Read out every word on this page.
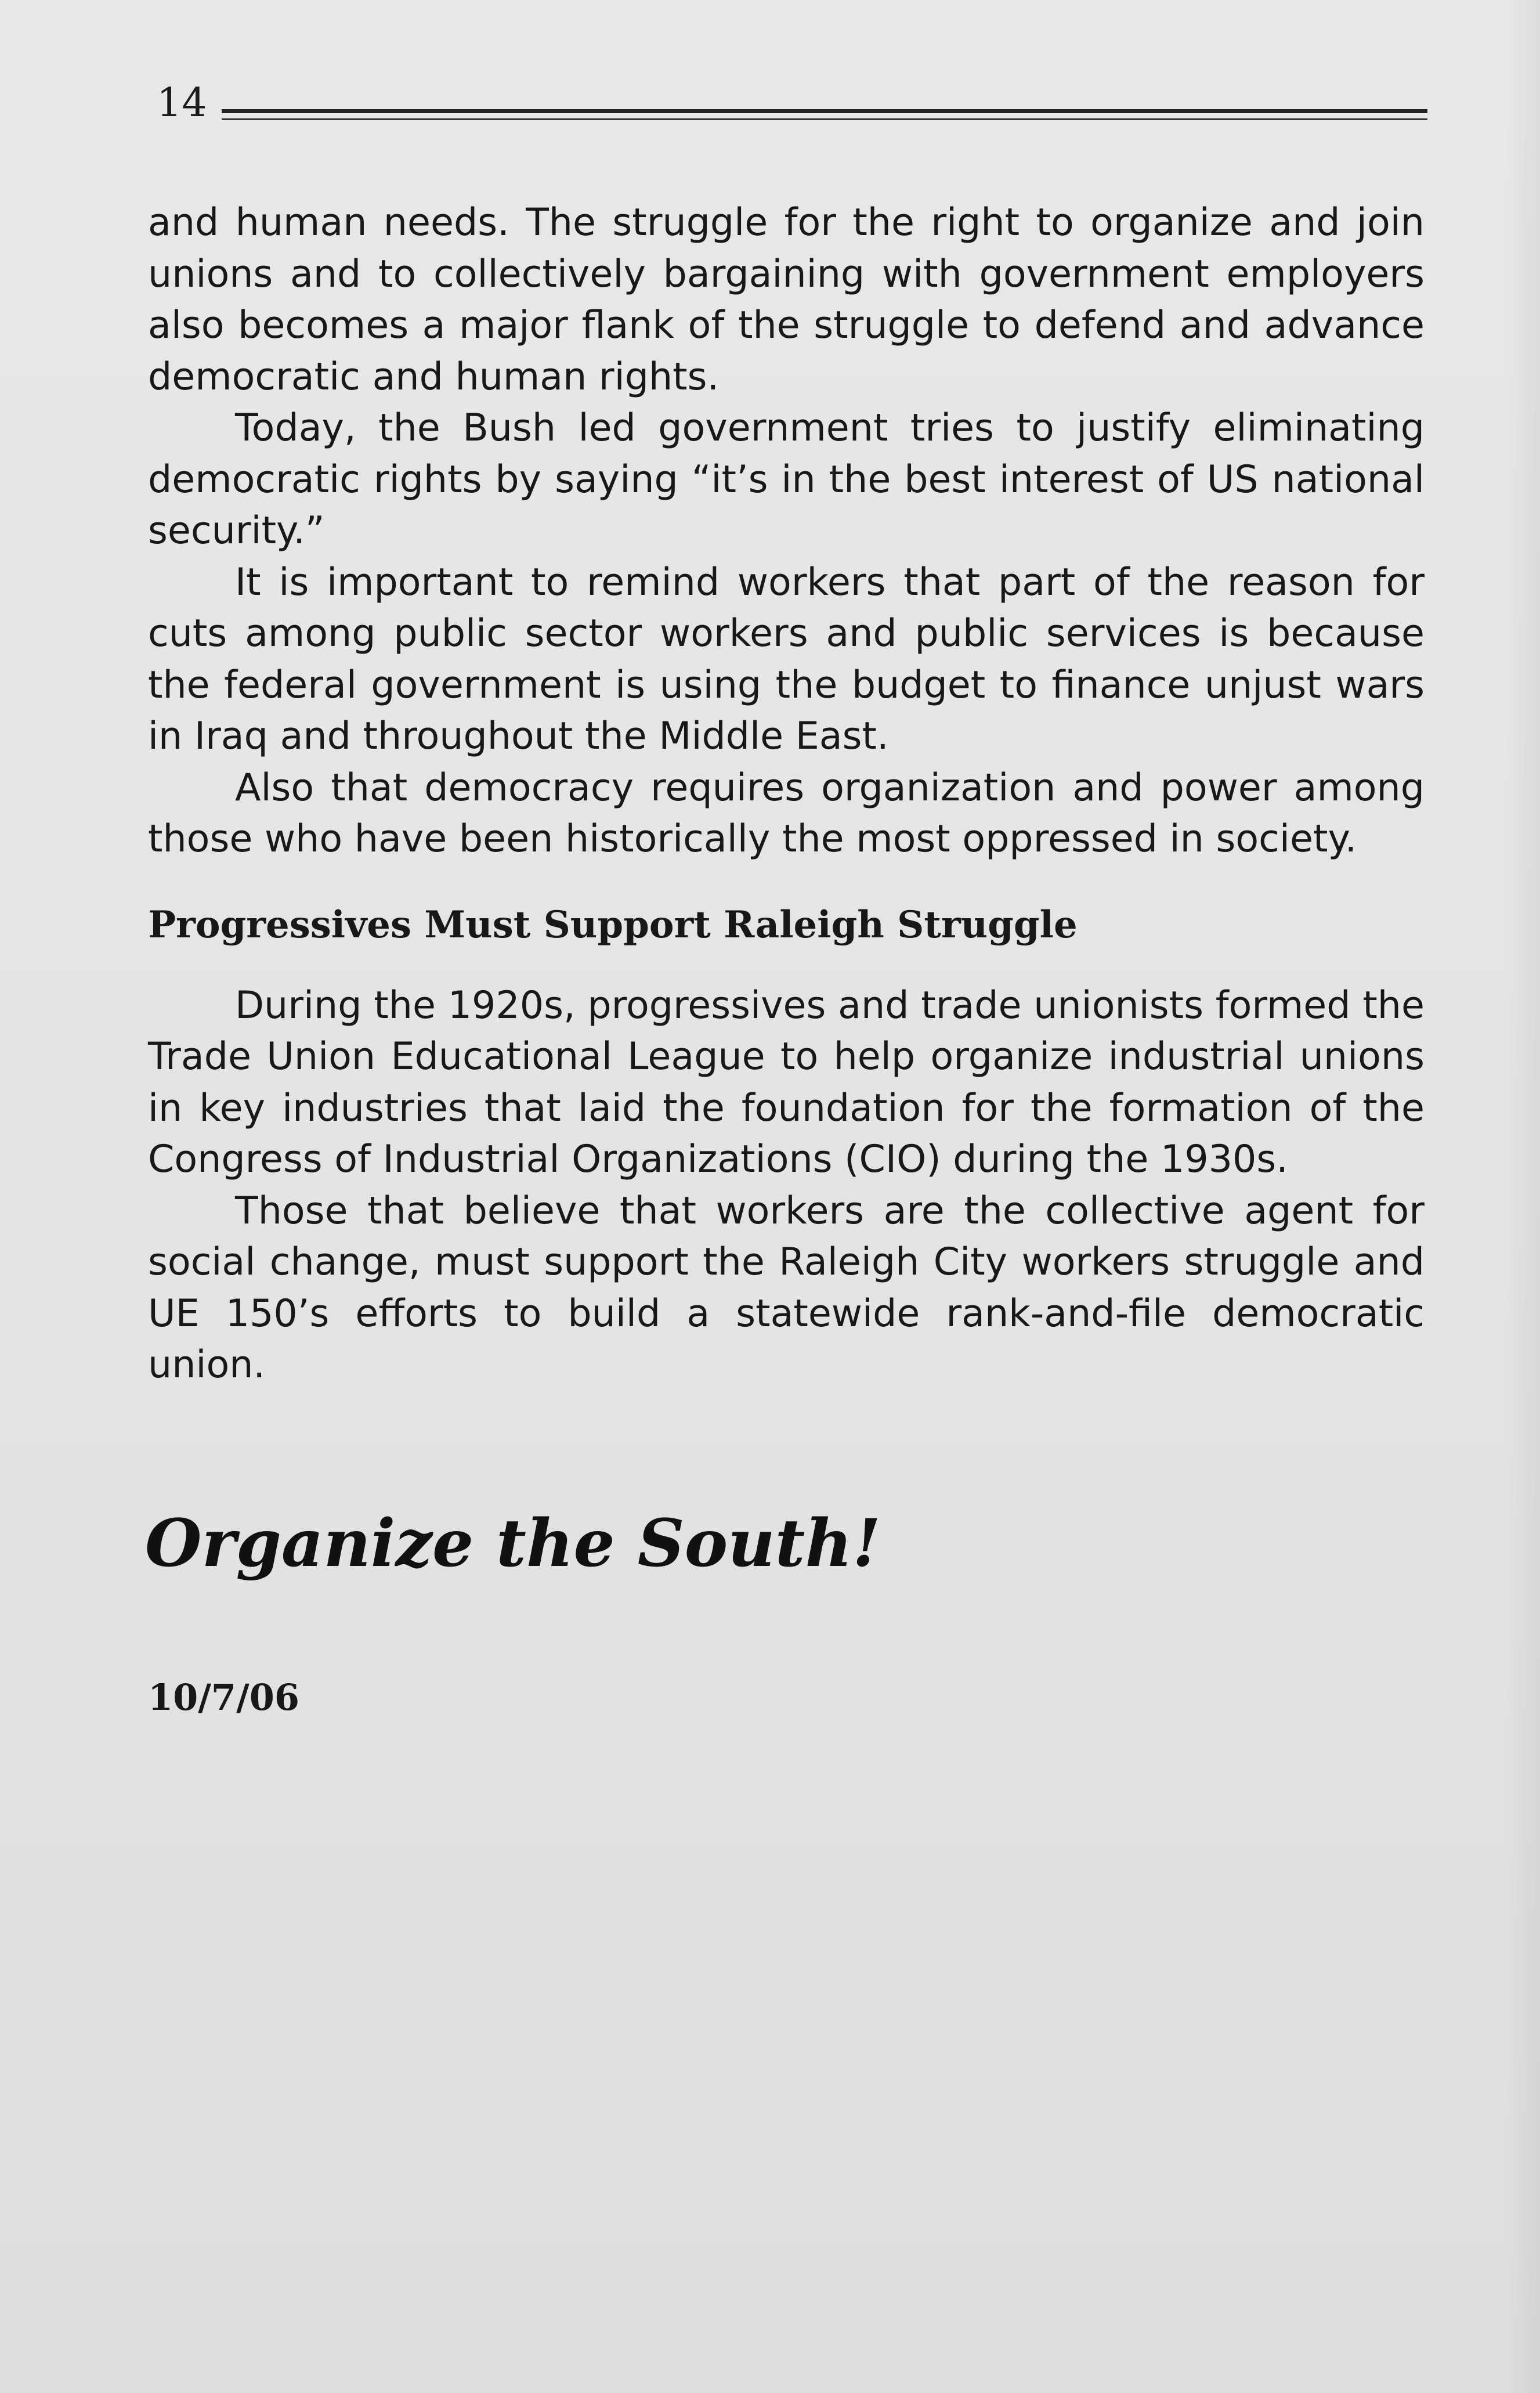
14

and human needs. The struggle for the right to organize and join unions and to collectively bargaining with government employers also becomes a major flank of the struggle to defend and advance democratic and human rights.

Today, the Bush led government tries to justify eliminating democratic rights by saying “it’s in the best interest of US national security.”

It is important to remind workers that part of the reason for cuts among public sector workers and public services is because the federal government is using the budget to finance unjust wars in Iraq and throughout the Middle East.

Also that democracy requires organization and power among those who have been historically the most oppressed in society.

Progressives Must Support Raleigh Struggle

During the 1920s, progressives and trade unionists formed the Trade Union Educational League to help organize industrial unions in key industries that laid the foundation for the formation of the Congress of Industrial Organizations (CIO) during the 1930s.

Those that believe that workers are the collective agent for social change, must support the Raleigh City workers struggle and UE 150’s efforts to build a statewide rank-and-file democratic union.

Organize the South!
10/7/06
